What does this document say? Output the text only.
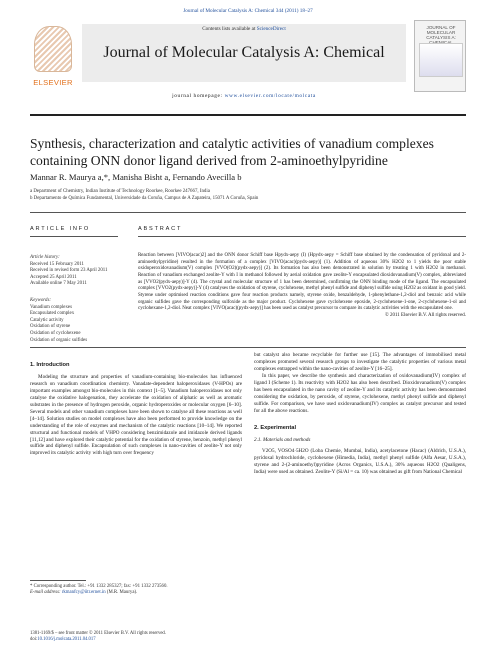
Journal of Molecular Catalysis A: Chemical 344 (2011) 18–27
ELSEVIER
Contents lists available at ScienceDirect
Journal of Molecular Catalysis A: Chemical
journal homepage: www.elsevier.com/locate/molcata
JOURNAL OF MOLECULAR CATALYSIS A:
Synthesis, characterization and catalytic activities of vanadium complexes containing ONN donor ligand derived from 2-aminoethylpyridine
Mannar R. Maurya a,*, Manisha Bisht a, Fernando Avecilla b
a Department of Chemistry, Indian Institute of Technology Roorkee, Roorkee 247667, India
b Departamento de Química Fundamental, Universidade da Coruña, Campus de A Zapateira, 15071 A Coruña, Spain
ARTICLE INFO	ABSTRACT
Article history:
Received 15 February 2011
Received in revised form 23 April 2011
Accepted 25 April 2011
Available online 7 May 2011
Keywords:
Vanadium complexes
Encapsulated complex
Catalytic activity
Oxidation of styrene
Oxidation of cyclohexene
Oxidation of organic sulfides
Reaction between [VIVO(acac)2] and the ONN donor Schiff base Hpydx-aepy (I) (Hpydx-aepy = Schiff base obtained by the condensation of pyridoxal and 2-aminoethylpyridine) resulted in the formation of a complex [VIVO(acac)(pydx-aepy)] (1). Addition of aqueous 30% H2O2 to 1 yields the poor stable oxidoperoxidovanadium(V) complex [VVO(O2)(pydx-aepy)] (2). Its formation has also been demonstrated in solution by treating 1 with H2O2 in methanol. Reaction of vanadium exchanged zeolite-Y with I in methanol followed by aerial oxidation gave zeolite-Y encapsulated dioxidovanadium(V) complex, abbreviated as [VVO2(pydx-aepy)]-Y (4). The crystal and molecular structure of 1 has been determined, confirming the ONN binding mode of the ligand. The encapsulated complex [VVO2(pydx-aepy)]-Y (4) catalyses the oxidation of styrene, cyclohexene, methyl phenyl sulfide and diphenyl sulfide using H2O2 as oxidant in good yield. Styrene under optimised reaction conditions gave four reaction products namely, styrene oxide, benzaldehyde, 1-phenylethane-1,2-diol and benzoic acid while organic sulfides gave the corresponding sulfoxide as the major product. Cyclohexene gave cyclohexene epoxide, 2-cyclohexene-1-one, 2-cyclohexene-1-ol and cyclohexane-1,2-diol. Neat complex [VIVO(acac)(pydx-aepy)] has been used as catalyst precursor to compare its catalytic activities with the encapsulated one.
© 2011 Elsevier B.V. All rights reserved.
1. Introduction

Modeling the structure and properties of vanadium-containing bio-molecules has influenced research on vanadium coordination chemistry. Vanadate-dependent haloperoxidases (V-HPOs) are important examples amongst bio-molecules in this context [1–5]. Vanadium haloperoxidases not only catalyse the oxidative halogenation, they accelerate the oxidation of aliphatic as well as aromatic substrates in the presence of hydrogen peroxide, organic hydroperoxides or molecular oxygen [6–10]. Several models and other vanadium complexes have been shown to catalyse all these reactions as well [4–14]. Solution studies on model complexes have also been performed to provide knowledge on the understanding of the role of enzymes and mechanism of the catalytic reactions [10–14]. We reported structural and functional models of VHPO considering benzimidazole and imidazole derived ligands [11,12] and have explored their catalytic potential for the oxidation of styrene, benzoin, methyl phenyl sulfide and diphenyl sulfide. Encapsulation of such complexes in nano-cavities of zeolite-Y not only improved its catalytic activity with high turn over frequency

but catalyst also became recyclable for further use [15]. The advantages of immobilised metal complexes promoted several research groups to investigate the catalytic properties of various metal complexes entrapped within the nano-cavities of zeolite-Y [16–25].

In this paper, we describe the synthesis and characterization of oxidovanadium(IV) complex of ligand I (Scheme 1). Its reactivity with H2O2 has also been described. Dioxidovanadium(V) complex has been encapsulated in the nano cavity of zeolite-Y and its catalytic activity has been demonstrated considering the oxidation, by peroxide, of styrene, cyclohexene, methyl phenyl sulfide and diphenyl sulfide. For comparison, we have used oxidovanadium(IV) complex as catalyst precursor and tested for all the above reactions.

2. Experimental
2.1. Materials and methods

V2O5, VOSO4·5H2O (Loba Chemie, Mumbai, India), acetylacetone (Hacac) (Aldrich, U.S.A.), pyridoxal hydrochloride, cyclohexene (Himedia, India), methyl phenyl sulfide (Alfa Aesar, U.S.A.), styrene and 2-(2-aminoethyl)pyridine (Acros Organics, U.S.A.), 30% aqueous H2O2 (Qualigens, India) were used as obtained. Zeolite-Y (Si/Al = ca. 10) was obtained as gift from National Chemical

* Corresponding author. Tel.: +91 1332 285327; fax: +91 1332 273560.
E-mail address: rkmanfcy@iitr.ernet.in (M.R. Maurya).
1381-1169/$ – see front matter © 2011 Elsevier B.V. All rights reserved.
doi:10.1016/j.molcata.2011.04.017
